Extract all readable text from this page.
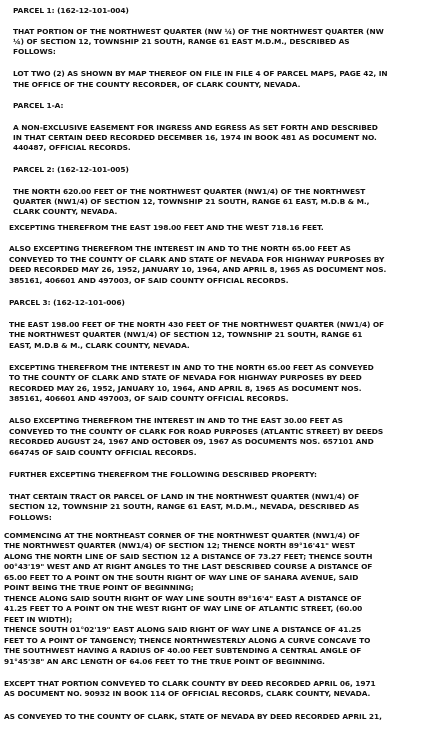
PARCEL 1: (162-12-101-004)
THAT PORTION OF THE NORTHWEST QUARTER (NW ¼) OF THE NORTHWEST QUARTER (NW
¼) OF SECTION 12, TOWNSHIP 21 SOUTH, RANGE 61 EAST M.D.M., DESCRIBED AS
FOLLOWS:
LOT TWO (2) AS SHOWN BY MAP THEREOF ON FILE IN FILE 4 OF PARCEL MAPS, PAGE 42, IN
THE OFFICE OF THE COUNTY RECORDER, OF CLARK COUNTY, NEVADA.
PARCEL 1-A:
A NON-EXCLUSIVE EASEMENT FOR INGRESS AND EGRESS AS SET FORTH AND DESCRIBED
IN THAT CERTAIN DEED RECORDED DECEMBER 16, 1974 IN BOOK 481 AS DOCUMENT NO.
440487, OFFICIAL RECORDS.
PARCEL 2: (162-12-101-005)
THE NORTH 620.00 FEET OF THE NORTHWEST QUARTER (NW1/4) OF THE NORTHWEST
QUARTER (NW1/4) OF SECTION 12, TOWNSHIP 21 SOUTH, RANGE 61 EAST, M.D.B & M.,
CLARK COUNTY, NEVADA.
EXCEPTING THEREFROM THE EAST 198.00 FEET AND THE WEST 718.16 FEET.
ALSO EXCEPTING THEREFROM THE INTEREST IN AND TO THE NORTH 65.00 FEET AS
CONVEYED TO THE COUNTY OF CLARK AND STATE OF NEVADA FOR HIGHWAY PURPOSES BY
DEED RECORDED MAY 26, 1952, JANUARY 10, 1964, AND APRIL 8, 1965 AS DOCUMENT NOS.
385161, 406601 AND 497003, OF SAID COUNTY OFFICIAL RECORDS.
PARCEL 3: (162-12-101-006)
THE EAST 198.00 FEET OF THE NORTH 430 FEET OF THE NORTHWEST QUARTER (NW1/4) OF
THE NORTHWEST QUARTER (NW1/4) OF SECTION 12, TOWNSHIP 21 SOUTH, RANGE 61
EAST, M.D.B & M., CLARK COUNTY, NEVADA.
EXCEPTING THEREFROM THE INTEREST IN AND TO THE NORTH 65.00 FEET AS CONVEYED
TO THE COUNTY OF CLARK AND STATE OF NEVADA FOR HIGHWAY PURPOSES BY DEED
RECORDED MAY 26, 1952, JANUARY 10, 1964, AND APRIL 8, 1965 AS DOCUMENT NOS.
385161, 406601 AND 497003, OF SAID COUNTY OFFICIAL RECORDS.
ALSO EXCEPTING THEREFROM THE INTEREST IN AND TO THE EAST 30.00 FEET AS
CONVEYED TO THE COUNTY OF CLARK FOR ROAD PURPOSES (ATLANTIC STREET) BY DEEDS
RECORDED AUGUST 24, 1967 AND OCTOBER 09, 1967 AS DOCUMENTS NOS. 657101 AND
664745 OF SAID COUNTY OFFICIAL RECORDS.
FURTHER EXCEPTING THEREFROM THE FOLLOWING DESCRIBED PROPERTY:
THAT CERTAIN TRACT OR PARCEL OF LAND IN THE NORTHWEST QUARTER (NW1/4) OF
SECTION 12, TOWNSHIP 21 SOUTH, RANGE 61 EAST, M.D.M., NEVADA, DESCRIBED AS
FOLLOWS:
COMMENCING AT THE NORTHEAST CORNER OF THE NORTHWEST QUARTER (NW1/4) OF
THE NORTHWEST QUARTER (NW1/4) OF SECTION 12; THENCE NORTH 89°16'41" WEST
ALONG THE NORTH LINE OF SAID SECTION 12 A DISTANCE OF 73.27 FEET; THENCE SOUTH
00°43'19" WEST AND AT RIGHT ANGLES TO THE LAST DESCRIBED COURSE A DISTANCE OF
65.00 FEET TO A POINT ON THE SOUTH RIGHT OF WAY LINE OF SAHARA AVENUE, SAID
POINT BEING THE TRUE POINT OF BEGINNING;
THENCE ALONG SAID SOUTH RIGHT OF WAY LINE SOUTH 89°16'4" EAST A DISTANCE OF
41.25 FEET TO A POINT ON THE WEST RIGHT OF WAY LINE OF ATLANTIC STREET, (60.00
FEET IN WIDTH);
THENCE SOUTH 01°02'19" EAST ALONG SAID RIGHT OF WAY LINE A DISTANCE OF 41.25
FEET TO A POINT OF TANGENCY; THENCE NORTHWESTERLY ALONG A CURVE CONCAVE TO
THE SOUTHWEST HAVING A RADIUS OF 40.00 FEET SUBTENDING A CENTRAL ANGLE OF
91°45'38" AN ARC LENGTH OF 64.06 FEET TO THE TRUE POINT OF BEGINNING.
EXCEPT THAT PORTION CONVEYED TO CLARK COUNTY BY DEED RECORDED APRIL 06, 1971
AS DOCUMENT NO. 90932 IN BOOK 114 OF OFFICIAL RECORDS, CLARK COUNTY, NEVADA.
AS CONVEYED TO THE COUNTY OF CLARK, STATE OF NEVADA BY DEED RECORDED APRIL 21,
